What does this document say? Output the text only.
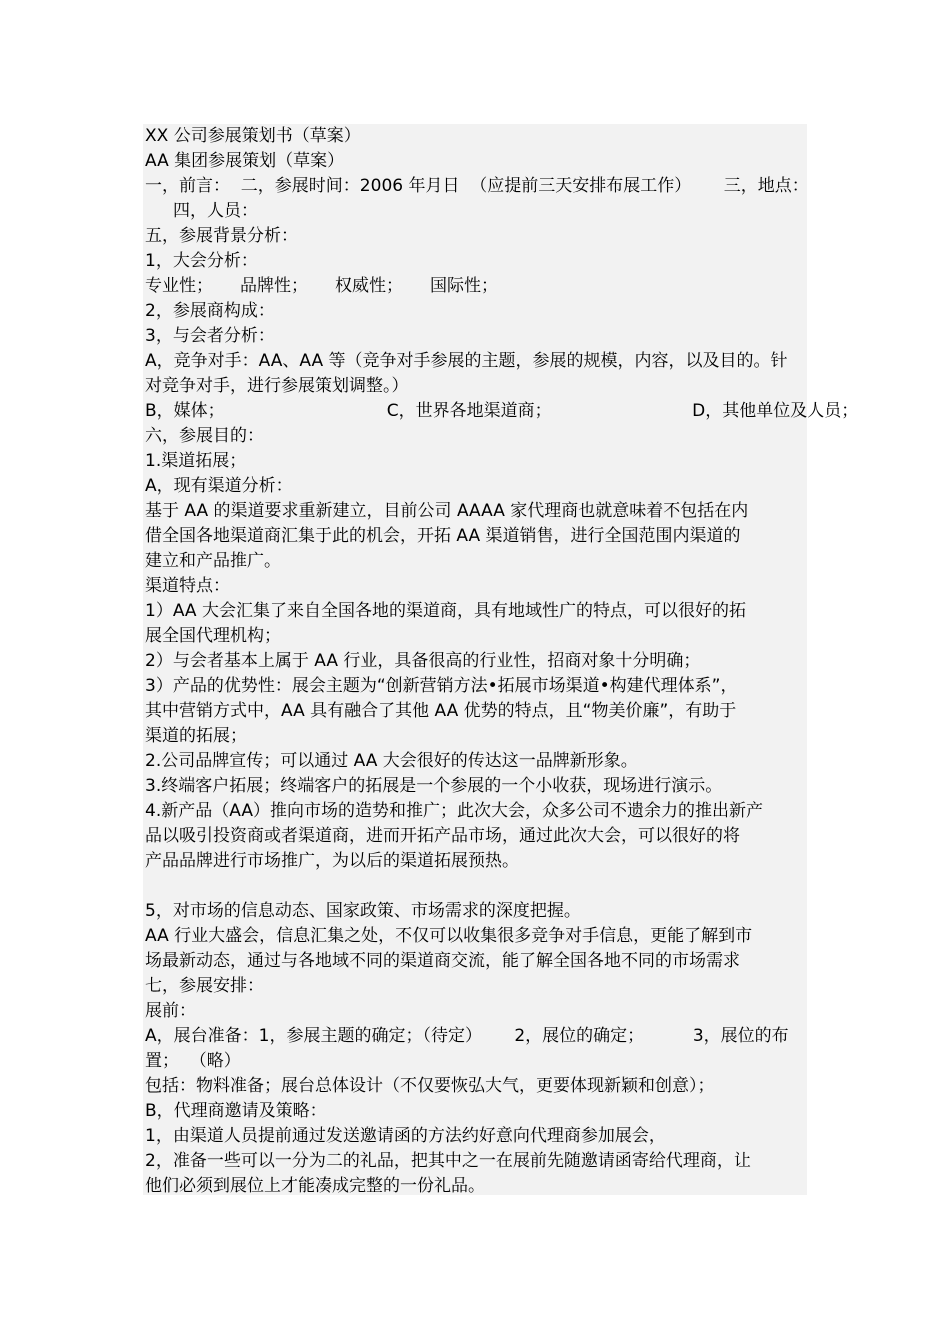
XX 公司参展策划书（草案）
AA 集团参展策划（草案）
一，前言：  二，参展时间：2006 年月日  （应提前三天安排布展工作）      三，地点：
四，人员：
五，参展背景分析：
1，大会分析：
专业性；     品牌性；     权威性；     国际性；
2，参展商构成：
3，与会者分析：
A，竞争对手：AA、AA 等（竞争对手参展的主题，参展的规模，内容，以及目的。针
对竞争对手，进行参展策划调整。）
B，媒体；                              C，世界各地渠道商；                          D，其他单位及人员；
六，参展目的：
1.渠道拓展；
A，现有渠道分析：
基于 AA 的渠道要求重新建立，目前公司 AAAA 家代理商也就意味着不包括在内
借全国各地渠道商汇集于此的机会，开拓 AA 渠道销售，进行全国范围内渠道的
建立和产品推广。
渠道特点：
1）AA 大会汇集了来自全国各地的渠道商，具有地域性广的特点，可以很好的拓
展全国代理机构；
2）与会者基本上属于 AA 行业，具备很高的行业性，招商对象十分明确；
3）产品的优势性：展会主题为“创新营销方法•拓展市场渠道•构建代理体系”，
其中营销方式中，AA 具有融合了其他 AA 优势的特点，且“物美价廉”，有助于
渠道的拓展；
2.公司品牌宣传；可以通过 AA 大会很好的传达这一品牌新形象。
3.终端客户拓展；终端客户的拓展是一个参展的一个小收获，现场进行演示。
4.新产品（AA）推向市场的造势和推广；此次大会，众多公司不遗余力的推出新产
品以吸引投资商或者渠道商，进而开拓产品市场，通过此次大会，可以很好的将
产品品牌进行市场推广，为以后的渠道拓展预热。
5，对市场的信息动态、国家政策、市场需求的深度把握。
AA 行业大盛会，信息汇集之处，不仅可以收集很多竞争对手信息，更能了解到市
场最新动态，通过与各地域不同的渠道商交流，能了解全国各地不同的市场需求
七，参展安排：
展前：
A，展台准备：1，参展主题的确定；（待定）      2，展位的确定；         3，展位的布
置；  （略）
包括：物料准备；展台总体设计（不仅要恢弘大气，更要体现新颖和创意）；
B，代理商邀请及策略：
1，由渠道人员提前通过发送邀请函的方法约好意向代理商参加展会，
2，准备一些可以一分为二的礼品，把其中之一在展前先随邀请函寄给代理商，让
他们必须到展位上才能凑成完整的一份礼品。
